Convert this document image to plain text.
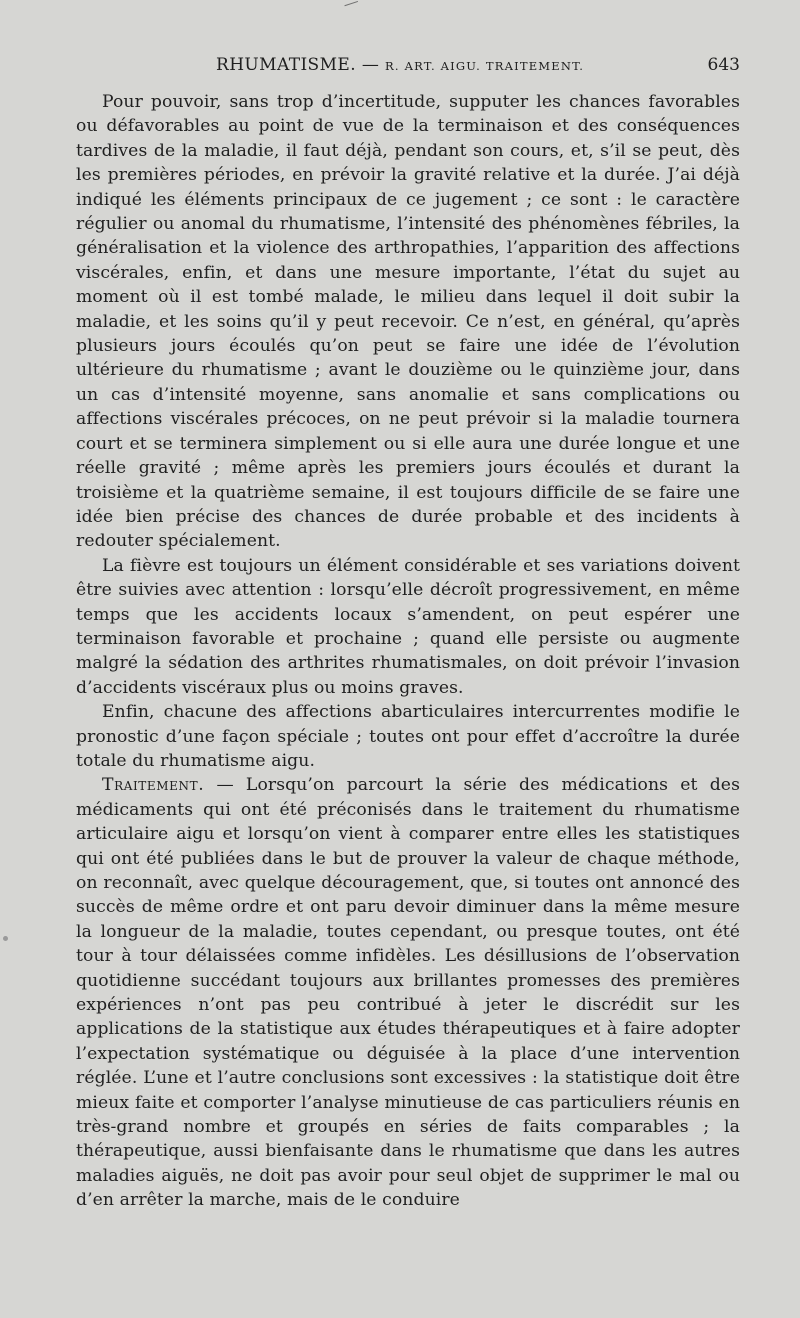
RHUMATISME. — R. ART. AIGU. TRAITEMENT.	643

Pour pouvoir, sans trop d’incertitude, supputer les chances favorables ou défavorables au point de vue de la terminaison et des conséquences tardives de la maladie, il faut déjà, pendant son cours, et, s’il se peut, dès les premières périodes, en prévoir la gravité relative et la durée. J’ai déjà indiqué les éléments principaux de ce jugement ; ce sont : le caractère régulier ou anomal du rhumatisme, l’intensité des phénomènes fébriles, la généralisation et la violence des arthropathies, l’apparition des affections viscérales, enfin, et dans une mesure importante, l’état du sujet au moment où il est tombé malade, le milieu dans lequel il doit subir la maladie, et les soins qu’il y peut recevoir. Ce n’est, en général, qu’après plusieurs jours écoulés qu’on peut se faire une idée de l’évolution ultérieure du rhumatisme ; avant le douzième ou le quinzième jour, dans un cas d’intensité moyenne, sans anomalie et sans complications ou affections viscérales précoces, on ne peut prévoir si la maladie tournera court et se terminera simplement ou si elle aura une durée longue et une réelle gravité ; même après les premiers jours écoulés et durant la troisième et la quatrième semaine, il est toujours difficile de se faire une idée bien précise des chances de durée probable et des incidents à redouter spécialement.

La fièvre est toujours un élément considérable et ses variations doivent être suivies avec attention : lorsqu’elle décroît progressivement, en même temps que les accidents locaux s’amendent, on peut espérer une terminaison favorable et prochaine ; quand elle persiste ou augmente malgré la sédation des arthrites rhumatismales, on doit prévoir l’invasion d’accidents viscéraux plus ou moins graves.

Enfin, chacune des affections abarticulaires intercurrentes modifie le pronostic d’une façon spéciale ; toutes ont pour effet d’accroître la durée totale du rhumatisme aigu.

Traitement. — Lorsqu’on parcourt la série des médications et des médicaments qui ont été préconisés dans le traitement du rhumatisme articulaire aigu et lorsqu’on vient à comparer entre elles les statistiques qui ont été publiées dans le but de prouver la valeur de chaque méthode, on reconnaît, avec quelque découragement, que, si toutes ont annoncé des succès de même ordre et ont paru devoir diminuer dans la même mesure la longueur de la maladie, toutes cependant, ou presque toutes, ont été tour à tour délaissées comme infidèles. Les désillusions de l’observation quotidienne succédant toujours aux brillantes promesses des premières expériences n’ont pas peu contribué à jeter le discrédit sur les applications de la statistique aux études thérapeutiques et à faire adopter l’expectation systématique ou déguisée à la place d’une intervention réglée. L’une et l’autre conclusions sont excessives : la statistique doit être mieux faite et comporter l’analyse minutieuse de cas particuliers réunis en très-grand nombre et groupés en séries de faits comparables ; la thérapeutique, aussi bienfaisante dans le rhumatisme que dans les autres maladies aiguës, ne doit pas avoir pour seul objet de supprimer le mal ou d’en arrêter la marche, mais de le conduire
